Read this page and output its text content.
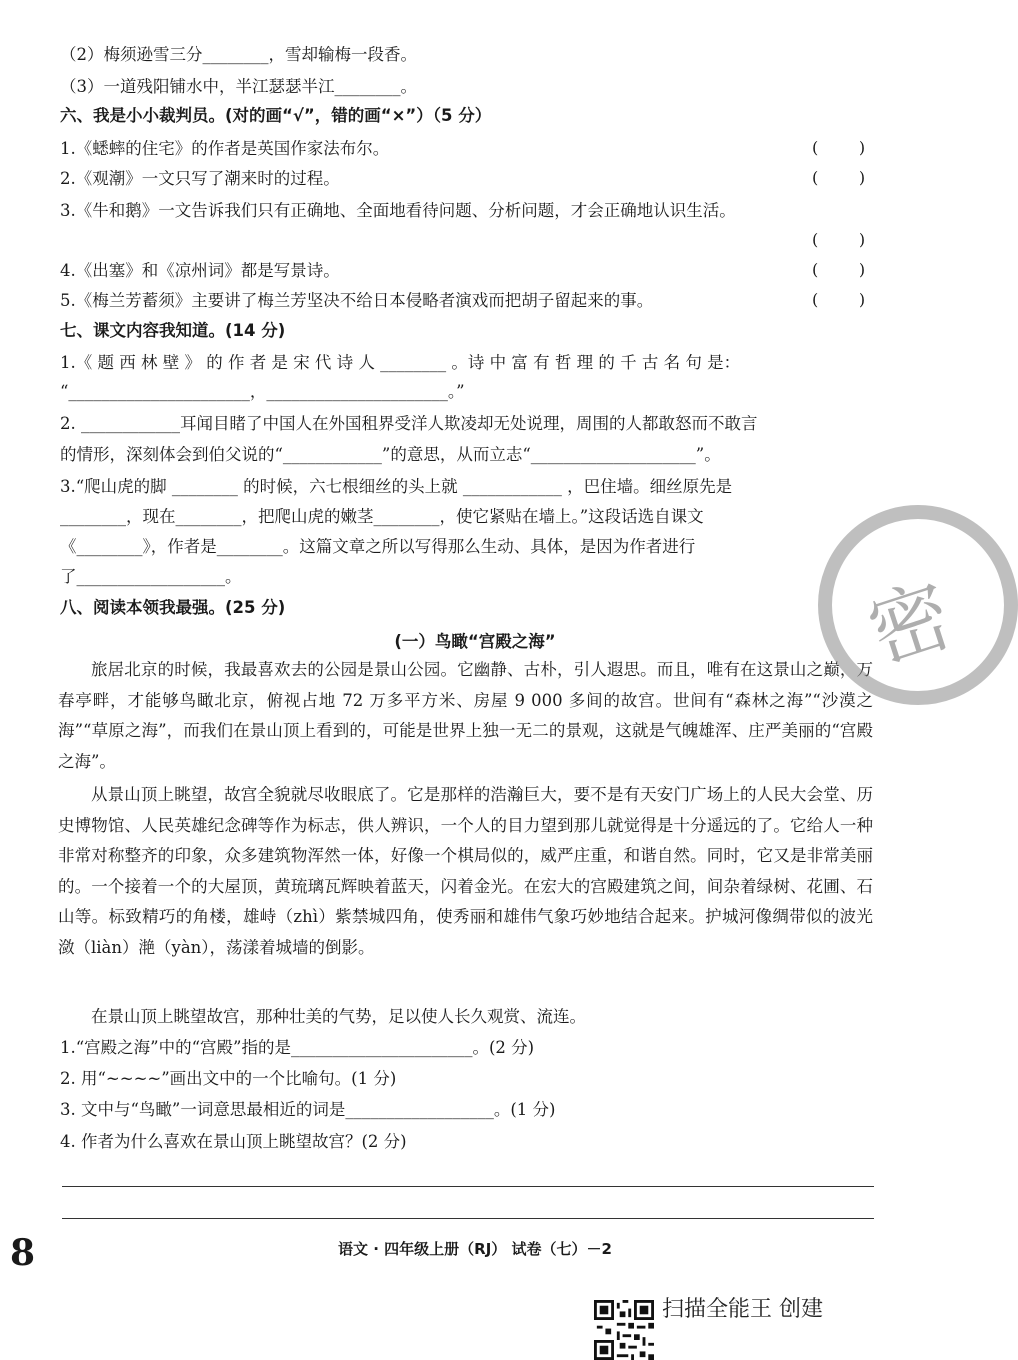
（2）梅须逊雪三分________，雪却输梅一段香。
（3）一道残阳铺水中，半江瑟瑟半江________。
六、我是小小裁判员。(对的画“√”，错的画“×”）（5 分）
1.《蟋蟀的住宅》的作者是英国作家法布尔。	(        )
2.《观潮》一文只写了潮来时的过程。	(        )
3.《牛和鹅》一文告诉我们只有正确地、全面地看待问题、分析问题，才会正确地认识生活。
(        )
4.《出塞》和《凉州词》都是写景诗。	(        )
5.《梅兰芳蓄须》主要讲了梅兰芳坚决不给日本侵略者演戏而把胡子留起来的事。	(        )
七、课文内容我知道。(14 分)
1.《 题 西 林 壁 》 的 作 者 是 宋 代 诗 人 ________ 。诗 中 富 有 哲 理 的 千 古 名 句 是：
“______________________，______________________。”
2. ____________耳闻目睹了中国人在外国租界受洋人欺凌却无处说理，周围的人都敢怒而不敢言
的情形，深刻体会到伯父说的“____________”的意思，从而立志“____________________”。
3.“爬山虎的脚 ________ 的时候，六七根细丝的头上就 ____________ ，巴住墙。细丝原先是
________，现在________，把爬山虎的嫩茎________，使它紧贴在墙上。”这段话选自课文
《________》，作者是________。这篇文章之所以写得那么生动、具体，是因为作者进行
了__________________。
八、阅读本领我最强。(25 分)
(一）鸟瞰“宫殿之海”
旅居北京的时候，我最喜欢去的公园是景山公园。它幽静、古朴，引人遐思。而且，唯有在这景山之巅，万春亭畔，才能够鸟瞰北京，俯视占地 72 万多平方米、房屋 9 000 多间的故宫。世间有“森林之海”“沙漠之海”“草原之海”，而我们在景山顶上看到的，可能是世界上独一无二的景观，这就是气魄雄浑、庄严美丽的“宫殿之海”。
从景山顶上眺望，故宫全貌就尽收眼底了。它是那样的浩瀚巨大，要不是有天安门广场上的人民大会堂、历史博物馆、人民英雄纪念碑等作为标志，供人辨识，一个人的目力望到那儿就觉得是十分遥远的了。它给人一种非常对称整齐的印象，众多建筑物浑然一体，好像一个棋局似的，威严庄重，和谐自然。同时，它又是非常美丽的。一个接着一个的大屋顶，黄琉璃瓦辉映着蓝天，闪着金光。在宏大的宫殿建筑之间，间杂着绿树、花圃、石山等。标致精巧的角楼，雄峙（zhì）紫禁城四角，使秀丽和雄伟气象巧妙地结合起来。护城河像绸带似的波光潋（liàn）滟（yàn），荡漾着城墙的倒影。
在景山顶上眺望故宫，那种壮美的气势，足以使人长久观赏、流连。
1.“宫殿之海”中的“宫殿”指的是______________________。(2 分)
2. 用“~~~~”画出文中的一个比喻句。(1 分)
3. 文中与“鸟瞰”一词意思最相近的词是__________________。(1 分)
4. 作者为什么喜欢在景山顶上眺望故宫？(2 分)
语文 · 四年级上册（RJ） 试卷（七）－2
密
8
扫描全能王 创建
